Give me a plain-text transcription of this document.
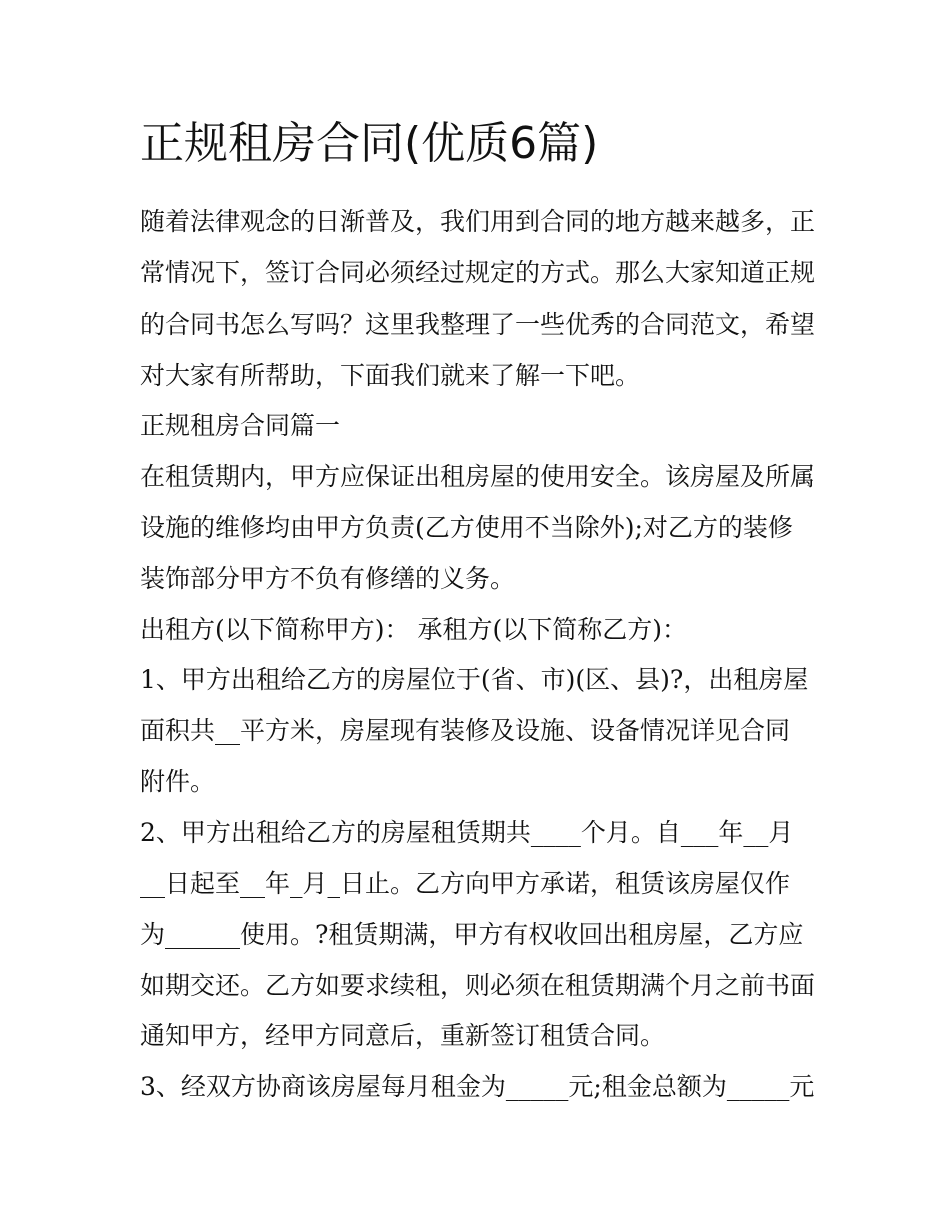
正规租房合同(优质6篇)

随着法律观念的日渐普及，我们用到合同的地方越来越多，正

常情况下，签订合同必须经过规定的方式。那么大家知道正规

的合同书怎么写吗？这里我整理了一些优秀的合同范文，希望

对大家有所帮助，下面我们就来了解一下吧。

正规租房合同篇一

在租赁期内，甲方应保证出租房屋的使用安全。该房屋及所属

设施的维修均由甲方负责(乙方使用不当除外);对乙方的装修

装饰部分甲方不负有修缮的义务。

出租方(以下简称甲方)： 承租方(以下简称乙方)：

1、甲方出租给乙方的房屋位于(省、市)(区、县)?，出租房屋

面积共__平方米，房屋现有装修及设施、设备情况详见合同

附件。

2、甲方出租给乙方的房屋租赁期共____个月。自___年__月

__日起至__年_月_日止。乙方向甲方承诺，租赁该房屋仅作

为______使用。?租赁期满，甲方有权收回出租房屋，乙方应

如期交还。乙方如要求续租，则必须在租赁期满个月之前书面

通知甲方，经甲方同意后，重新签订租赁合同。

3、经双方协商该房屋每月租金为_____元;租金总额为_____元
